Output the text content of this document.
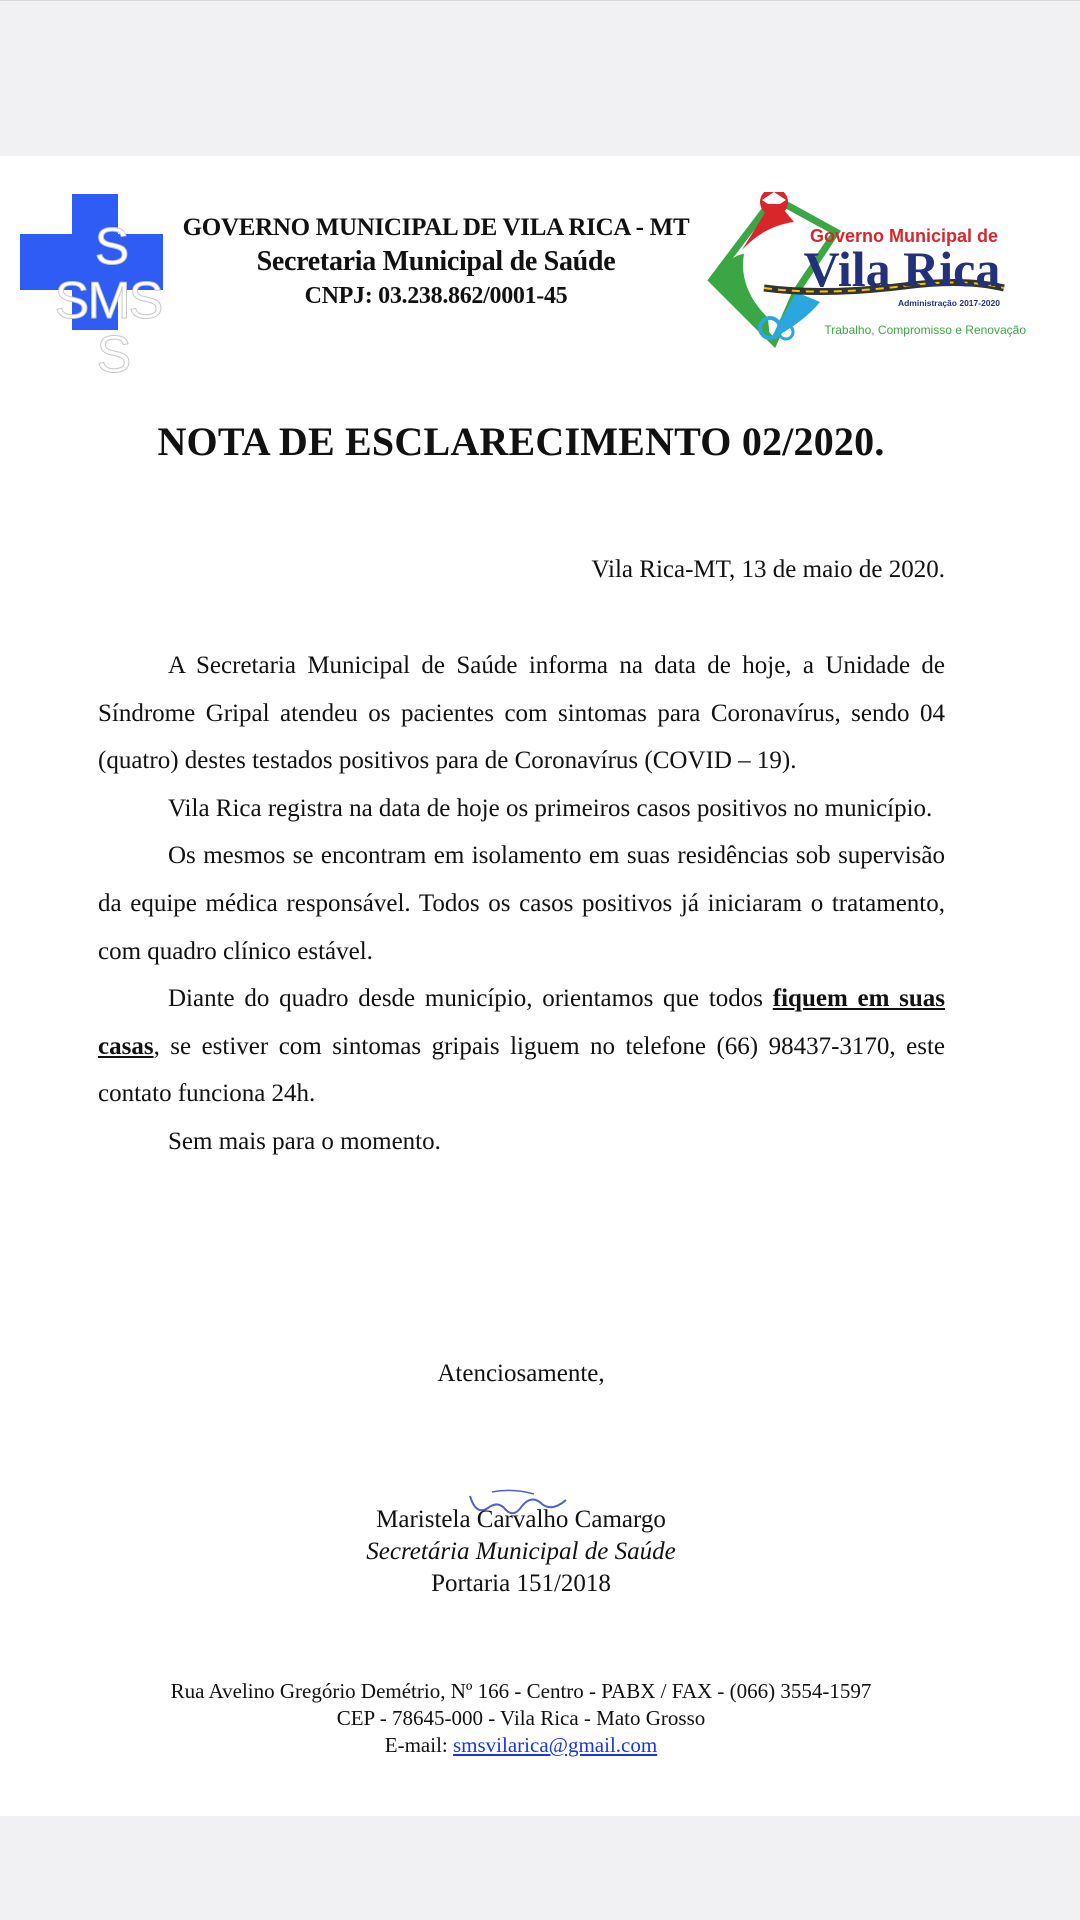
S
SMS
S
GOVERNO MUNICIPAL DE VILA RICA - MT
Secretaria Municipal de Saúde
CNPJ: 03.238.862/0001-45
Governo Municipal de
Vila Rica
Administração 2017-2020
Trabalho, Compromisso e Renovação
NOTA DE ESCLARECIMENTO 02/2020.
Vila Rica-MT, 13 de maio de 2020.

A Secretaria Municipal de Saúde informa na data de hoje, a Unidade de Síndrome Gripal atendeu os pacientes com sintomas para Coronavírus, sendo 04 (quatro) destes testados positivos para de Coronavírus (COVID – 19).

Vila Rica registra na data de hoje os primeiros casos positivos no município.

Os mesmos se encontram em isolamento em suas residências sob supervisão da equipe médica responsável. Todos os casos positivos já iniciaram o tratamento, com quadro clínico estável.

Diante do quadro desde município, orientamos que todos fiquem em suas casas, se estiver com sintomas gripais liguem no telefone (66) 98437-3170, este contato funciona 24h.

Sem mais para o momento.

Atenciosamente,
Maristela Carvalho Camargo
Secretária Municipal de Saúde
Portaria 151/2018
Rua Avelino Gregório Demétrio, Nº 166 - Centro - PABX / FAX - (066) 3554-1597
CEP - 78645-000 - Vila Rica - Mato Grosso
E-mail: smsvilarica@gmail.com
